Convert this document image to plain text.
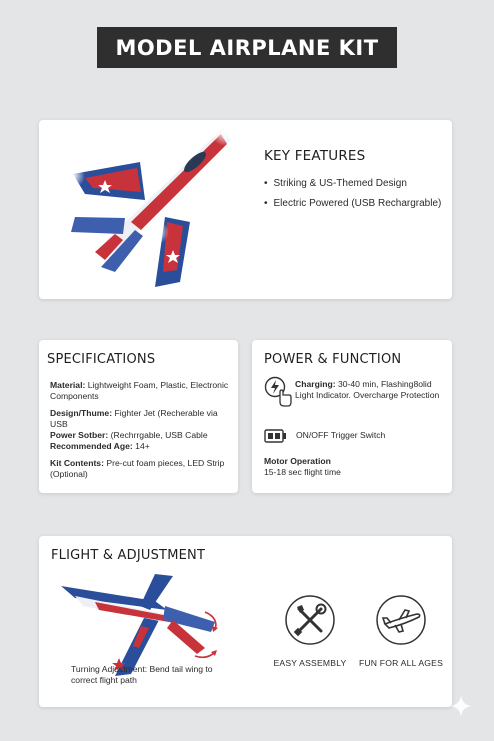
MODEL AIRPLANE KIT
KEY FEATURES
• Striking & US-Themed Design
• Electric Powered (USB Rechargrable)
SPECIFICATIONS

Material: Lightweight Foam, Plastic, Electronic Components

Design/Thume: Fighter Jet (Recherable via USB

Power Sotber: (Rechrrgable, USB Cable

Recommended Age: 14+

Kit Contents: Pre-cut foam pieces, LED Strip (Optional)

POWER & FUNCTION
Charging: 30-40 min, Flashing8olid Light Indicator. Overcharge Protection
ON/OFF Trigger Switch
Motor Operation
15-18 sec flight time
FLIGHT & ADJUSTMENT
Turning Adjustment: Bend tail wing to correct flight path
EASY ASSEMBLY	FUN FOR ALL AGES
